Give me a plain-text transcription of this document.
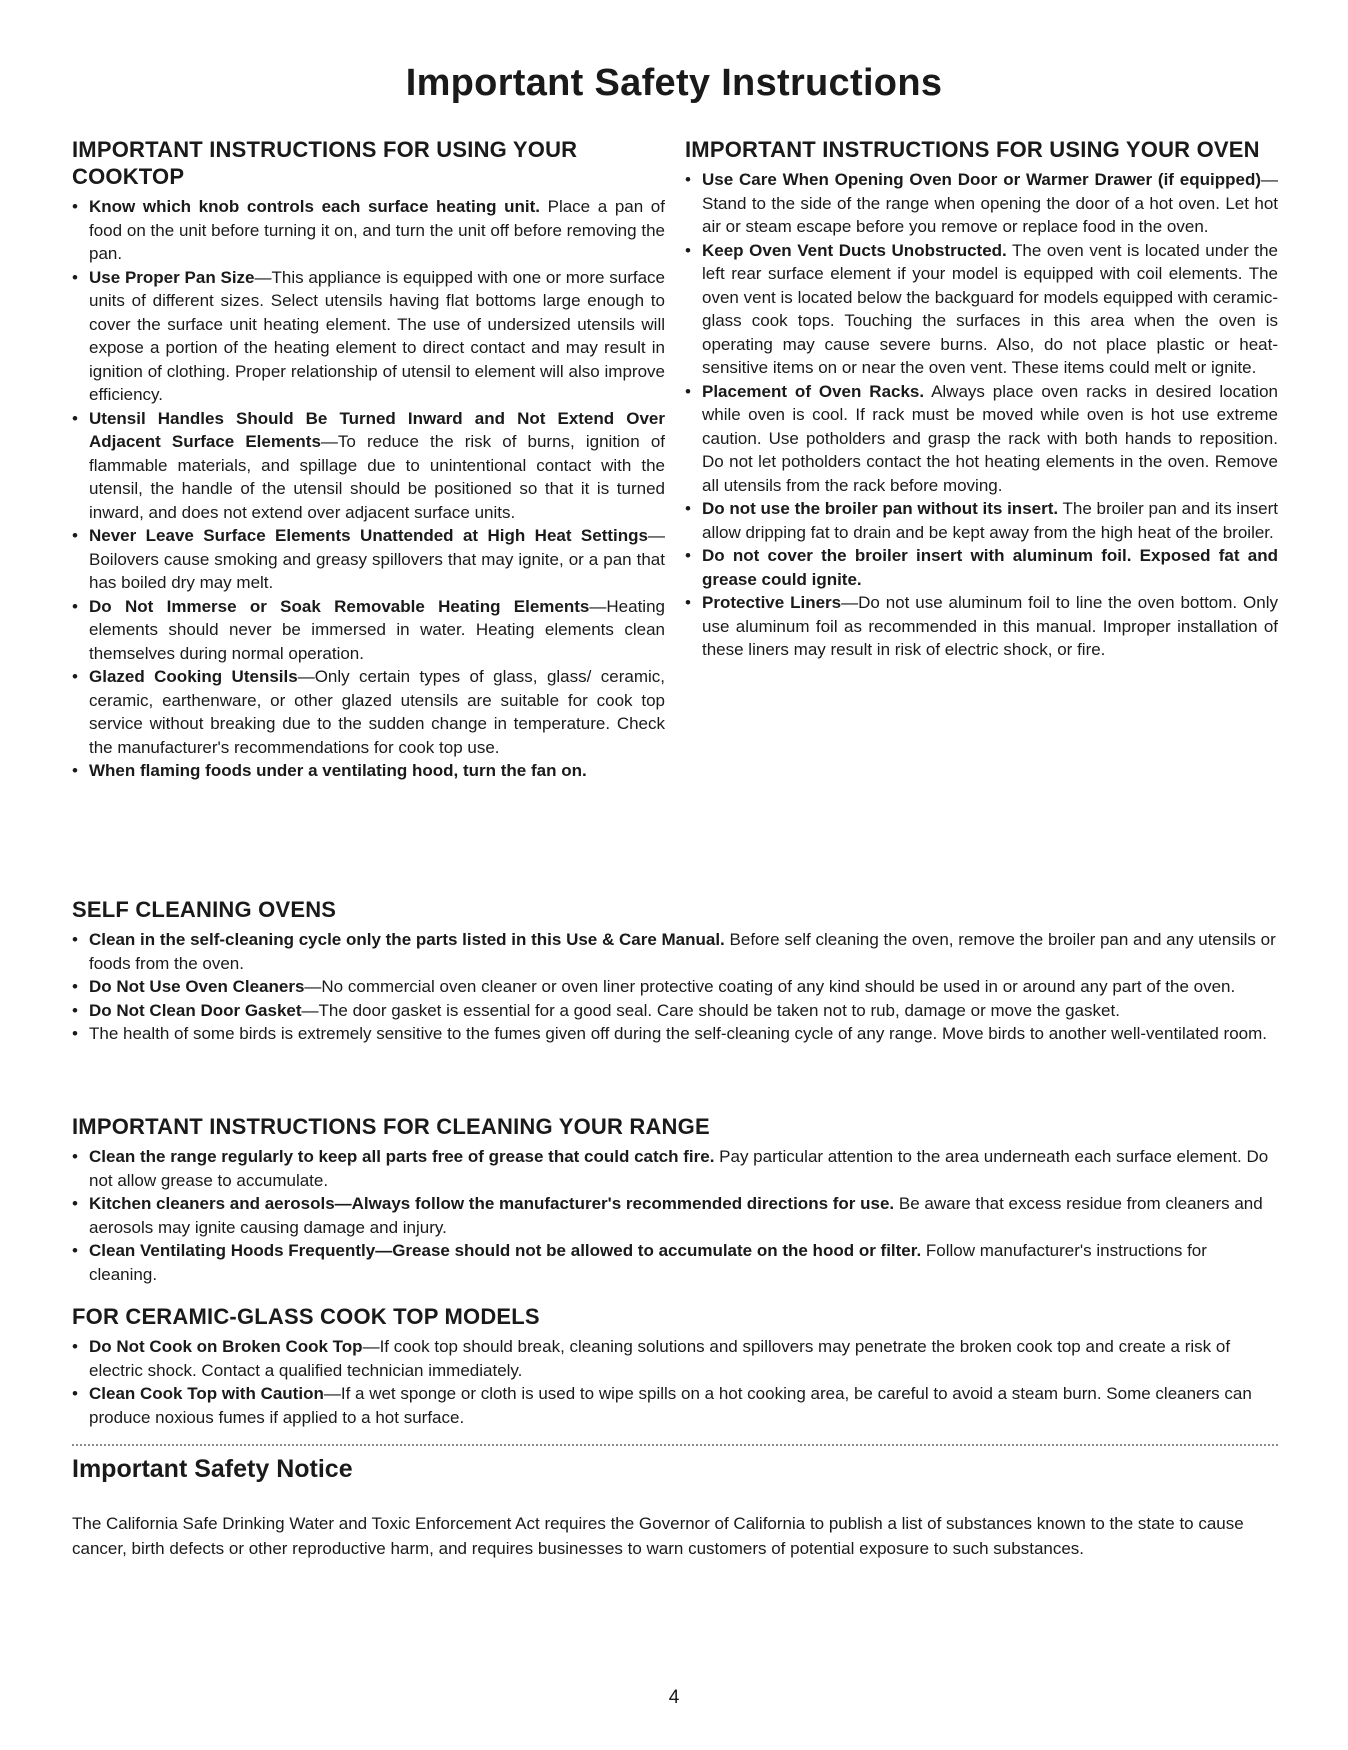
Important Safety Instructions
IMPORTANT INSTRUCTIONS FOR USING YOUR COOKTOP
• Know which knob controls each surface heating unit. Place a pan of food on the unit before turning it on, and turn the unit off before removing the pan.
• Use Proper Pan Size—This appliance is equipped with one or more surface units of different sizes. Select utensils having flat bottoms large enough to cover the surface unit heating element. The use of undersized utensils will expose a portion of the heating element to direct contact and may result in ignition of clothing. Proper relationship of utensil to element will also improve efficiency.
• Utensil Handles Should Be Turned Inward and Not Extend Over Adjacent Surface Elements—To reduce the risk of burns, ignition of flammable materials, and spillage due to unintentional contact with the utensil, the handle of the utensil should be positioned so that it is turned inward, and does not extend over adjacent surface units.
• Never Leave Surface Elements Unattended at High Heat Settings—Boilovers cause smoking and greasy spillovers that may ignite, or a pan that has boiled dry may melt.
• Do Not Immerse or Soak Removable Heating Elements—Heating elements should never be immersed in water. Heating elements clean themselves during normal operation.
• Glazed Cooking Utensils—Only certain types of glass, glass/ ceramic, ceramic, earthenware, or other glazed utensils are suitable for cook top service without breaking due to the sudden change in temperature. Check the manufacturer's recommendations for cook top use.
• When flaming foods under a ventilating hood, turn the fan on.
IMPORTANT INSTRUCTIONS FOR USING YOUR OVEN
• Use Care When Opening Oven Door or Warmer Drawer (if equipped)—Stand to the side of the range when opening the door of a hot oven. Let hot air or steam escape before you remove or replace food in the oven.
• Keep Oven Vent Ducts Unobstructed. The oven vent is located under the left rear surface element if your model is equipped with coil elements. The oven vent is located below the backguard for models equipped with ceramic-glass cook tops. Touching the surfaces in this area when the oven is operating may cause severe burns. Also, do not place plastic or heat-sensitive items on or near the oven vent. These items could melt or ignite.
• Placement of Oven Racks. Always place oven racks in desired location while oven is cool. If rack must be moved while oven is hot use extreme caution. Use potholders and grasp the rack with both hands to reposition. Do not let potholders contact the hot heating elements in the oven. Remove all utensils from the rack before moving.
• Do not use the broiler pan without its insert. The broiler pan and its insert allow dripping fat to drain and be kept away from the high heat of the broiler.
• Do not cover the broiler insert with aluminum foil. Exposed fat and grease could ignite.
• Protective Liners—Do not use aluminum foil to line the oven bottom. Only use aluminum foil as recommended in this manual. Improper installation of these liners may result in risk of electric shock, or fire.
SELF CLEANING OVENS
• Clean in the self-cleaning cycle only the parts listed in this Use & Care Manual. Before self cleaning the oven, remove the broiler pan and any utensils or foods from the oven.
• Do Not Use Oven Cleaners—No commercial oven cleaner or oven liner protective coating of any kind should be used in or around any part of the oven.
• Do Not Clean Door Gasket—The door gasket is essential for a good seal. Care should be taken not to rub, damage or move the gasket.
• The health of some birds is extremely sensitive to the fumes given off during the self-cleaning cycle of any range. Move birds to another well-ventilated room.
IMPORTANT INSTRUCTIONS FOR CLEANING YOUR RANGE
• Clean the range regularly to keep all parts free of grease that could catch fire. Pay particular attention to the area underneath each surface element. Do not allow grease to accumulate.
• Kitchen cleaners and aerosols—Always follow the manufacturer's recommended directions for use. Be aware that excess residue from cleaners and aerosols may ignite causing damage and injury.
• Clean Ventilating Hoods Frequently—Grease should not be allowed to accumulate on the hood or filter. Follow manufacturer's instructions for cleaning.
FOR CERAMIC-GLASS COOK TOP MODELS
• Do Not Cook on Broken Cook Top—If cook top should break, cleaning solutions and spillovers may penetrate the broken cook top and create a risk of electric shock. Contact a qualified technician immediately.
• Clean Cook Top with Caution—If a wet sponge or cloth is used to wipe spills on a hot cooking area, be careful to avoid a steam burn. Some cleaners can produce noxious fumes if applied to a hot surface.
Important Safety Notice

The California Safe Drinking Water and Toxic Enforcement Act requires the Governor of California to publish a list of substances known to the state to cause cancer, birth defects or other reproductive harm, and requires businesses to warn customers of potential exposure to such substances.

4
